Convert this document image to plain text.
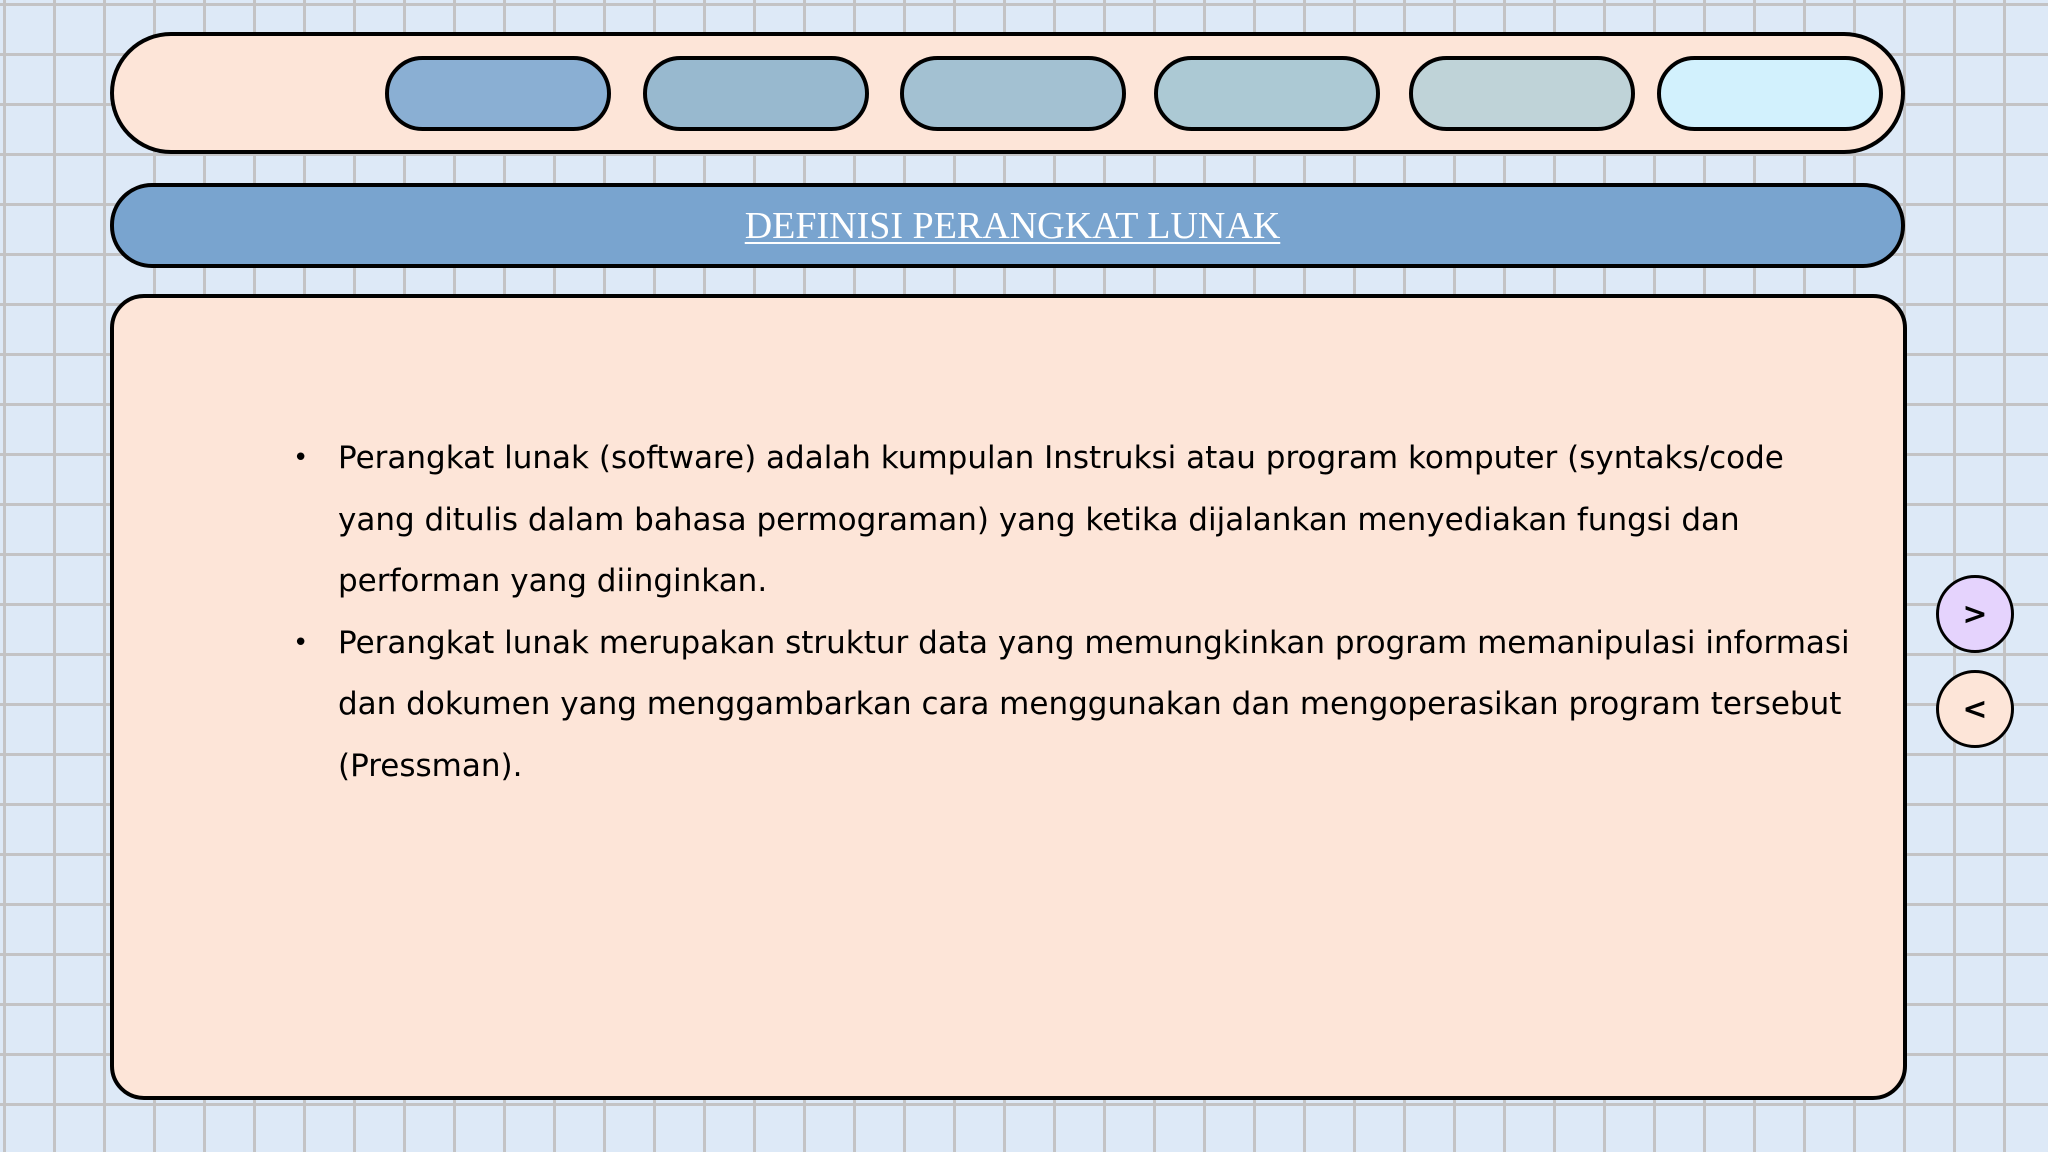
DEFINISI PERANGKAT LUNAK
• Perangkat lunak (software) adalah kumpulan Instruksi atau program komputer (syntaks/code yang ditulis dalam bahasa permograman) yang ketika dijalankan menyediakan fungsi dan performan yang diinginkan.
• Perangkat lunak merupakan struktur data yang memungkinkan program memanipulasi informasi dan dokumen yang menggambarkan cara menggunakan dan mengoperasikan program tersebut (Pressman).
>
<
